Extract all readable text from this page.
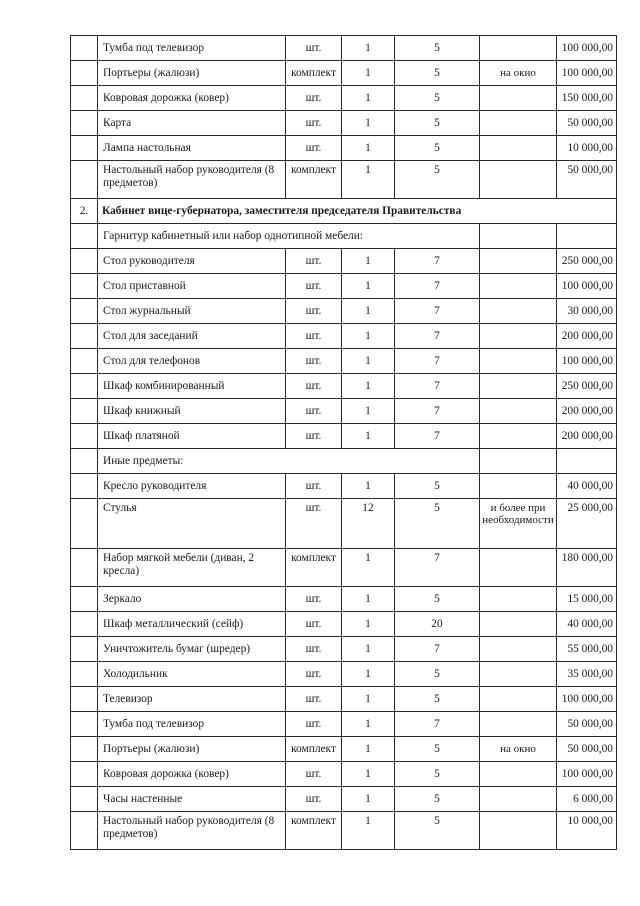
	Тумба под телевизор	шт.	1	5		100 000,00
	Портьеры (жалюзи)	комплект	1	5	на окно	100 000,00
	Ковровая дорожка (ковер)	шт.	1	5		150 000,00
	Карта	шт.	1	5		50 000,00
	Лампа настольная	шт.	1	5		10 000,00
	Настольный набор руководителя (8 предметов)	комплект	1	5		50 000,00
2.	Кабинет вице-губернатора, заместителя председателя Правительства					
	Гарнитур кабинетный или набор однотипной мебели:					
	Стол руководителя	шт.	1	7		250 000,00
	Стол приставной	шт.	1	7		100 000,00
	Стол журнальный	шт.	1	7		30 000,00
	Стол для заседаний	шт.	1	7		200 000,00
	Стол для телефонов	шт.	1	7		100 000,00
	Шкаф комбинированный	шт.	1	7		250 000,00
	Шкаф книжный	шт.	1	7		200 000,00
	Шкаф платяной	шт.	1	7		200 000,00
	Иные предметы:					
	Кресло руководителя	шт.	1	5		40 000,00
	Стулья	шт.	12	5	и более при необходимости	25 000,00
	Набор мягкой мебели (диван, 2 кресла)	комплект	1	7		180 000,00
	Зеркало	шт.	1	5		15 000,00
	Шкаф металлический (сейф)	шт.	1	20		40 000,00
	Уничтожитель бумаг (шредер)	шт.	1	7		55 000,00
	Холодильник	шт.	1	5		35 000,00
	Телевизор	шт.	1	5		100 000,00
	Тумба под телевизор	шт.	1	7		50 000,00
	Портьеры (жалюзи)	комплект	1	5	на окно	50 000,00
	Ковровая дорожка (ковер)	шт.	1	5		100 000,00
	Часы настенные	шт.	1	5		6 000,00
	Настольный набор руководителя (8 предметов)	комплект	1	5		10 000,00
